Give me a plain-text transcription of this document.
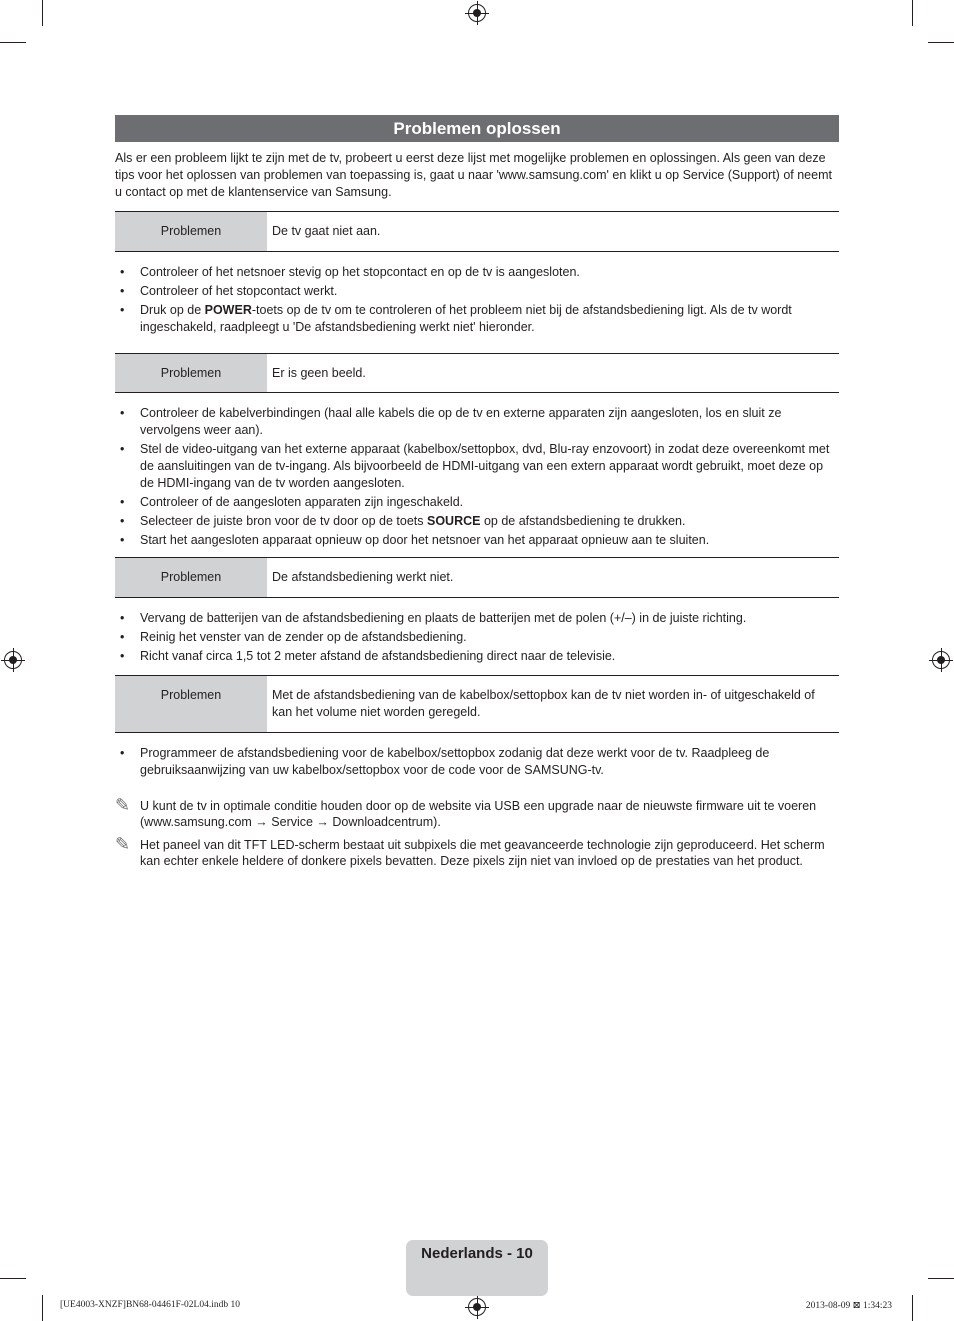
Problemen oplossen

Als er een probleem lijkt te zijn met de tv, probeert u eerst deze lijst met mogelijke problemen en oplossingen. Als geen van deze tips voor het oplossen van problemen van toepassing is, gaat u naar 'www.samsung.com' en klikt u op Service (Support) of neemt u contact op met de klantenservice van Samsung.

Problemen	De tv gaat niet aan.
• Controleer of het netsnoer stevig op het stopcontact en op de tv is aangesloten.
• Controleer of het stopcontact werkt.
• Druk op de POWER-toets op de tv om te controleren of het probleem niet bij de afstandsbediening ligt. Als de tv wordt ingeschakeld, raadpleegt u 'De afstandsbediening werkt niet' hieronder.
Problemen	Er is geen beeld.
• Controleer de kabelverbindingen (haal alle kabels die op de tv en externe apparaten zijn aangesloten, los en sluit ze vervolgens weer aan).
• Stel de video-uitgang van het externe apparaat (kabelbox/settopbox, dvd, Blu-ray enzovoort) in zodat deze overeenkomt met de aansluitingen van de tv-ingang. Als bijvoorbeeld de HDMI-uitgang van een extern apparaat wordt gebruikt, moet deze op de HDMI-ingang van de tv worden aangesloten.
• Controleer of de aangesloten apparaten zijn ingeschakeld.
• Selecteer de juiste bron voor de tv door op de toets SOURCE op de afstandsbediening te drukken.
• Start het aangesloten apparaat opnieuw op door het netsnoer van het apparaat opnieuw aan te sluiten.
Problemen	De afstandsbediening werkt niet.
• Vervang de batterijen van de afstandsbediening en plaats de batterijen met de polen (+/–) in de juiste richting.
• Reinig het venster van de zender op de afstandsbediening.
• Richt vanaf circa 1,5 tot 2 meter afstand de afstandsbediening direct naar de televisie.
Problemen	Met de afstandsbediening van de kabelbox/settopbox kan de tv niet worden in- of uitgeschakeld of kan het volume niet worden geregeld.
• Programmeer de afstandsbediening voor de kabelbox/settopbox zodanig dat deze werkt voor de tv. Raadpleeg de gebruiksaanwijzing van uw kabelbox/settopbox voor de code voor de SAMSUNG-tv.
✎ U kunt de tv in optimale conditie houden door op de website via USB een upgrade naar de nieuwste firmware uit te voeren (www.samsung.com → Service → Downloadcentrum).
✎ Het paneel van dit TFT LED-scherm bestaat uit subpixels die met geavanceerde technologie zijn geproduceerd. Het scherm kan echter enkele heldere of donkere pixels bevatten. Deze pixels zijn niet van invloed op de prestaties van het product.
Nederlands - 10
[UE4003-XNZF]BN68-04461F-02L04.indb 10	2013-08-09 ⊠ 1:34:23
